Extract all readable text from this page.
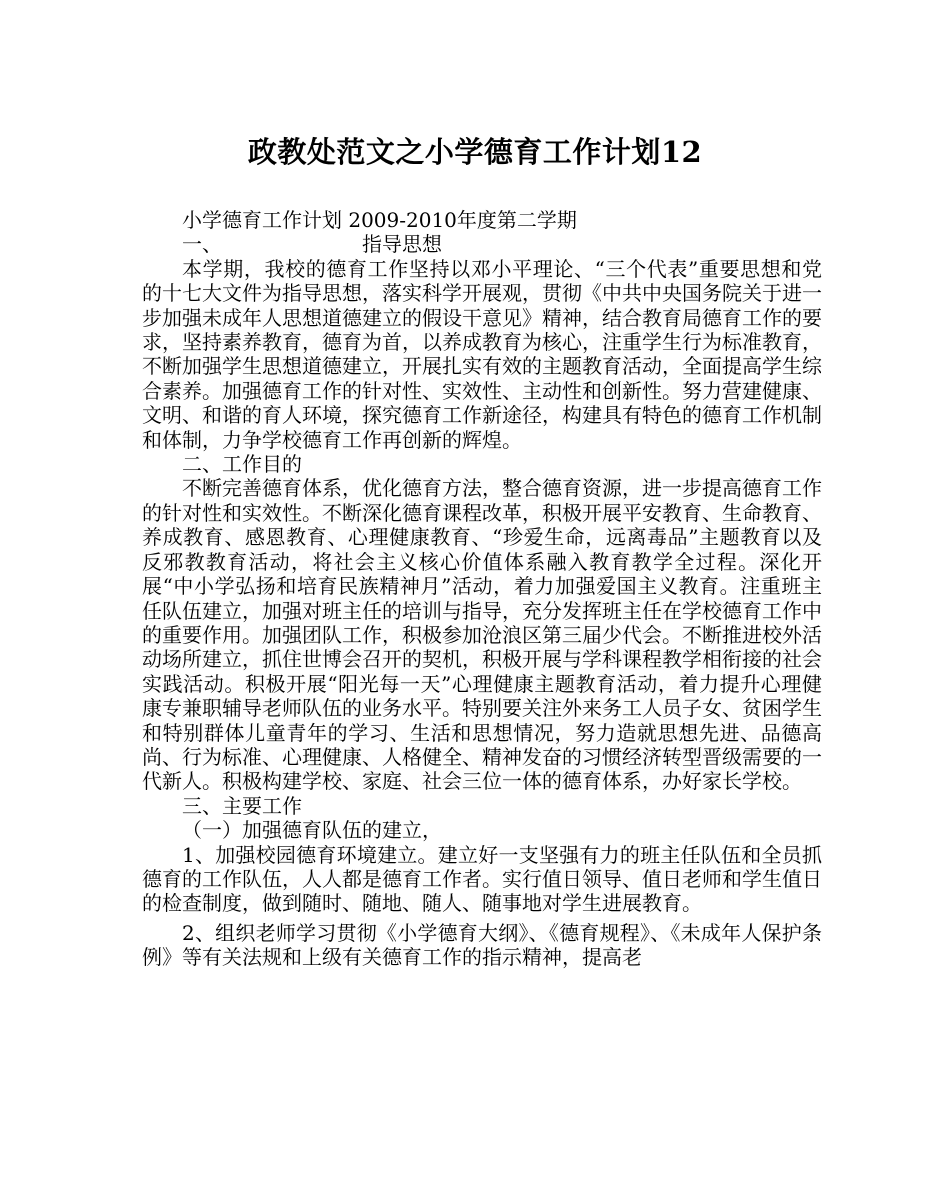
政教处范文之小学德育工作计划12

小学德育工作计划 2009-2010年度第二学期

一、	指导思想

本学期，我校的德育工作坚持以邓小平理论、“三个代表”重要思想和党的十七大文件为指导思想，落实科学开展观，贯彻《中共中央国务院关于进一步加强未成年人思想道德建立的假设干意见》精神，结合教育局德育工作的要求，坚持素养教育，德育为首，以养成教育为核心，注重学生行为标准教育，不断加强学生思想道德建立，开展扎实有效的主题教育活动，全面提高学生综合素养。加强德育工作的针对性、实效性、主动性和创新性。努力营建健康、文明、和谐的育人环境，探究德育工作新途径，构建具有特色的德育工作机制和体制，力争学校德育工作再创新的辉煌。

二、工作目的

不断完善德育体系，优化德育方法，整合德育资源，进一步提高德育工作的针对性和实效性。不断深化德育课程改革，积极开展平安教育、生命教育、养成教育、感恩教育、心理健康教育、“珍爱生命，远离毒品”主题教育以及反邪教教育活动，将社会主义核心价值体系融入教育教学全过程。深化开展“中小学弘扬和培育民族精神月”活动，着力加强爱国主义教育。注重班主任队伍建立，加强对班主任的培训与指导，充分发挥班主任在学校德育工作中的重要作用。加强团队工作，积极参加沧浪区第三届少代会。不断推进校外活动场所建立，抓住世博会召开的契机，积极开展与学科课程教学相衔接的社会实践活动。积极开展“阳光每一天”心理健康主题教育活动，着力提升心理健康专兼职辅导老师队伍的业务水平。特别要关注外来务工人员子女、贫困学生和特别群体儿童青年的学习、生活和思想情况，努力造就思想先进、品德高尚、行为标准、心理健康、人格健全、精神发奋的习惯经济转型晋级需要的一代新人。积极构建学校、家庭、社会三位一体的德育体系，办好家长学校。

三、主要工作

（一）加强德育队伍的建立，

1、加强校园德育环境建立。建立好一支坚强有力的班主任队伍和全员抓德育的工作队伍，人人都是德育工作者。实行值日领导、值日老师和学生值日的检查制度，做到随时、随地、随人、随事地对学生进展教育。

2、组织老师学习贯彻《小学德育大纲》、《德育规程》、《未成年人保护条例》等有关法规和上级有关德育工作的指示精神，提高老
